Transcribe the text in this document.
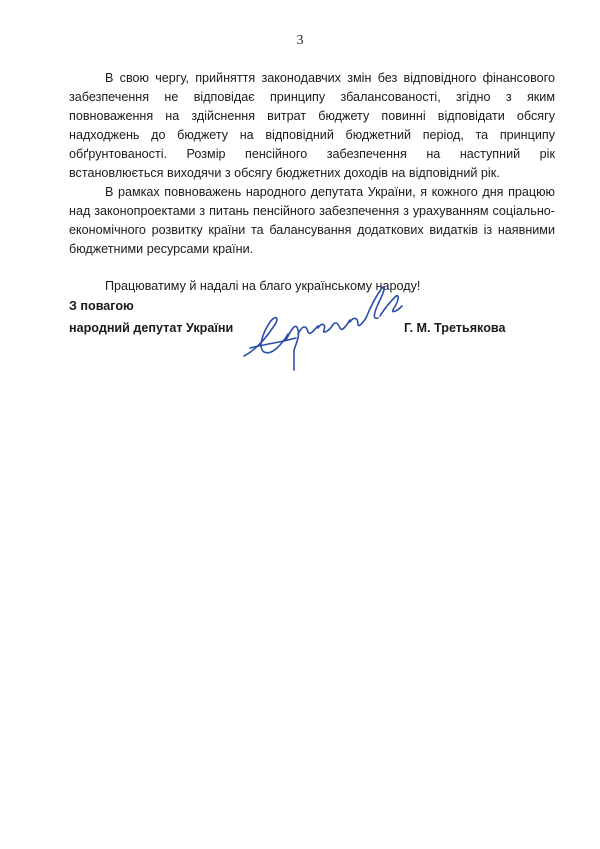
3

В свою чергу, прийняття законодавчих змін без відповідного фінансового забезпечення не відповідає принципу збалансованості, згідно з яким повноваження на здійснення витрат бюджету повинні відповідати обсягу надходжень до бюджету на відповідний бюджетний період, та принципу обґрунтованості. Розмір пенсійного забезпечення на наступний рік встановлюється виходячи з обсягу бюджетних доходів на відповідний рік.

В рамках повноважень народного депутата України, я кожного дня працюю над законопроектами з питань пенсійного забезпечення з урахуванням соціально-економічного розвитку країни та балансування додаткових видатків із наявними бюджетними ресурсами країни.

Працюватиму й надалі на благо українському народу!

З повагою
народний депутат України	Г. М. Третьякова
